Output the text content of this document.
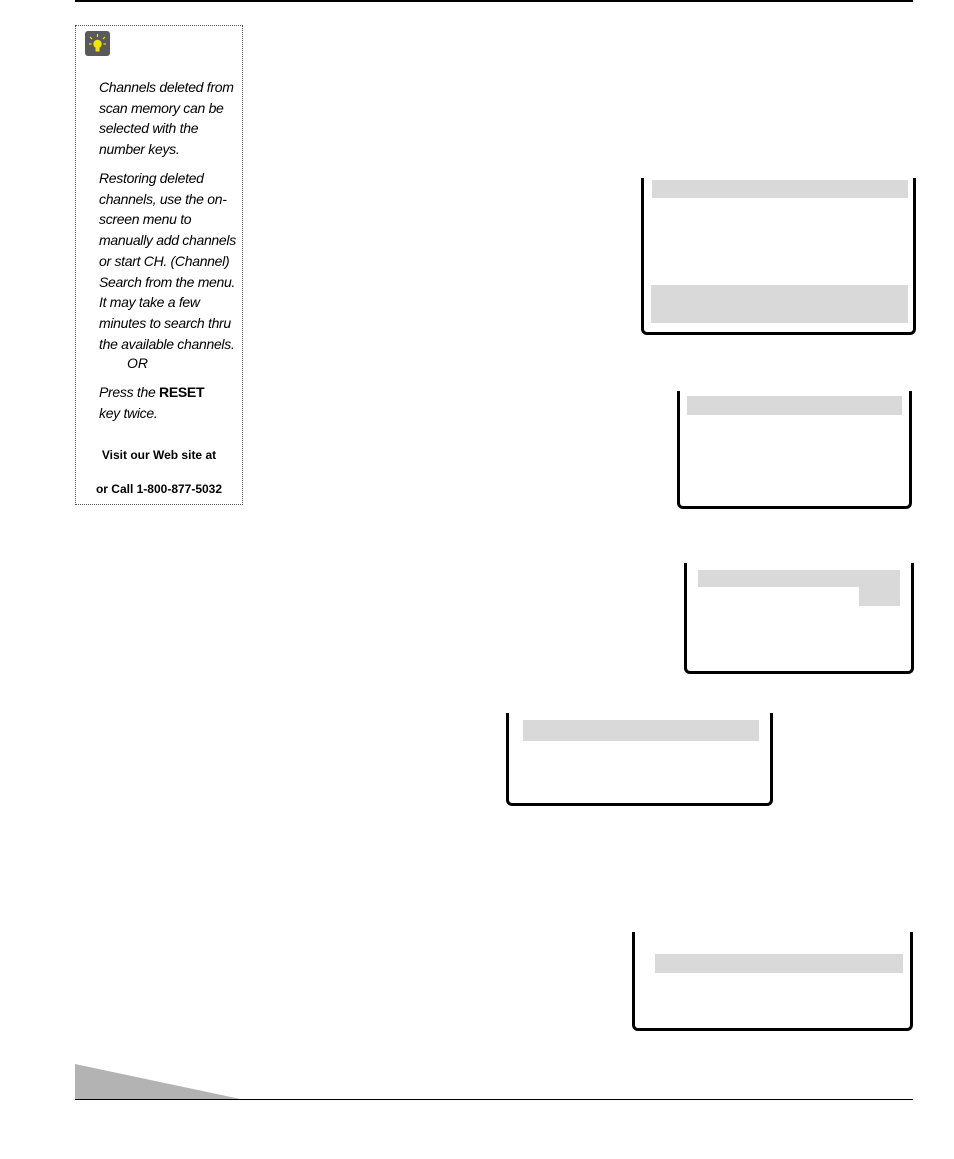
Channels deleted from scan memory can be selected with the number keys.
Restoring deleted channels, use the on-screen menu to manually add channels or start CH. (Channel) Search from the menu. It may take a few minutes to search thru the available channels.
OR
Press the RESET key twice.
Visit our Web site at
or Call 1-800-877-5032
